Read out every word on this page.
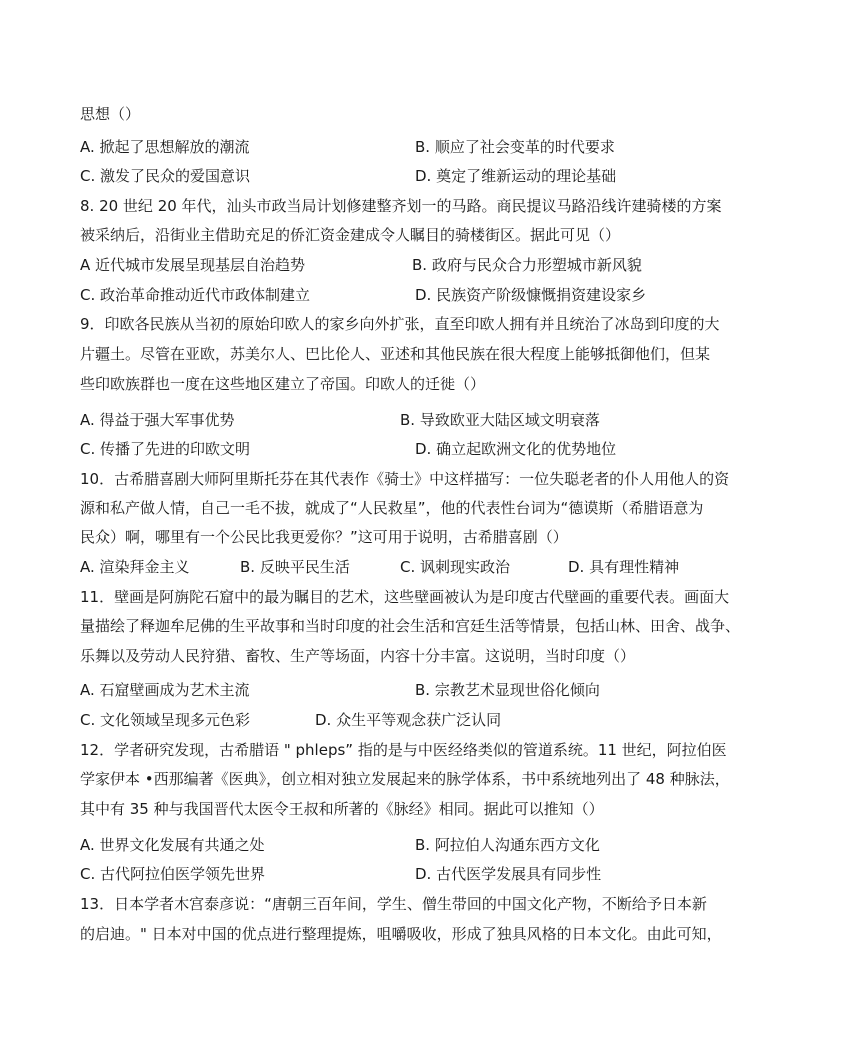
思想（）
A. 掀起了思想解放的潮流	B. 顺应了社会变革的时代要求
C. 激发了民众的爱国意识	D. 奠定了维新运动的理论基础
8. 20 世纪 20 年代，汕头市政当局计划修建整齐划一的马路。商民提议马路沿线许建骑楼的方案
被采纳后，沿街业主借助充足的侨汇资金建成令人瞩目的骑楼街区。据此可见（）
A 近代城市发展呈现基层自治趋势	B. 政府与民众合力形塑城市新风貌
C. 政治革命推动近代市政体制建立	D. 民族资产阶级慷慨捐资建设家乡
9．印欧各民族从当初的原始印欧人的家乡向外扩张，直至印欧人拥有并且统治了冰岛到印度的大
片疆土。尽管在亚欧，苏美尔人、巴比伦人、亚述和其他民族在很大程度上能够抵御他们，但某
些印欧族群也一度在这些地区建立了帝国。印欧人的迁徙（）
A. 得益于强大军事优势	B. 导致欧亚大陆区域文明衰落
C. 传播了先进的印欧文明	D. 确立起欧洲文化的优势地位
10．古希腊喜剧大师阿里斯托芬在其代表作《骑士》中这样描写：一位失聪老者的仆人用他人的资
源和私产做人情，自己一毛不拔，就成了“人民救星”，他的代表性台词为“德谟斯（希腊语意为
民众）啊，哪里有一个公民比我更爱你？”这可用于说明，古希腊喜剧（）
A. 渲染拜金主义	B. 反映平民生活	C. 讽刺现实政治	D. 具有理性精神
11．壁画是阿旃陀石窟中的最为瞩目的艺术，这些壁画被认为是印度古代壁画的重要代表。画面大
量描绘了释迦牟尼佛的生平故事和当时印度的社会生活和宫廷生活等情景，包括山林、田舍、战争、
乐舞以及劳动人民狩猎、畜牧、生产等场面，内容十分丰富。这说明，当时印度（）
A. 石窟壁画成为艺术主流	B. 宗教艺术显现世俗化倾向
C. 文化领域呈现多元色彩	D. 众生平等观念获广泛认同
12．学者研究发现，古希腊语 " phleps” 指的是与中医经络类似的管道系统。11 世纪，阿拉伯医
学家伊本 •西那编著《医典》，创立相对独立发展起来的脉学体系，书中系统地列出了 48 种脉法，
其中有 35 种与我国晋代太医令王叔和所著的《脉经》相同。据此可以推知（）
A. 世界文化发展有共通之处	B. 阿拉伯人沟通东西方文化
C. 古代阿拉伯医学领先世界	D. 古代医学发展具有同步性
13．日本学者木宫泰彦说：“唐朝三百年间，学生、僧生带回的中国文化产物，不断给予日本新
的启迪。" 日本对中国的优点进行整理提炼，咀嚼吸收，形成了独具风格的日本文化。由此可知，
